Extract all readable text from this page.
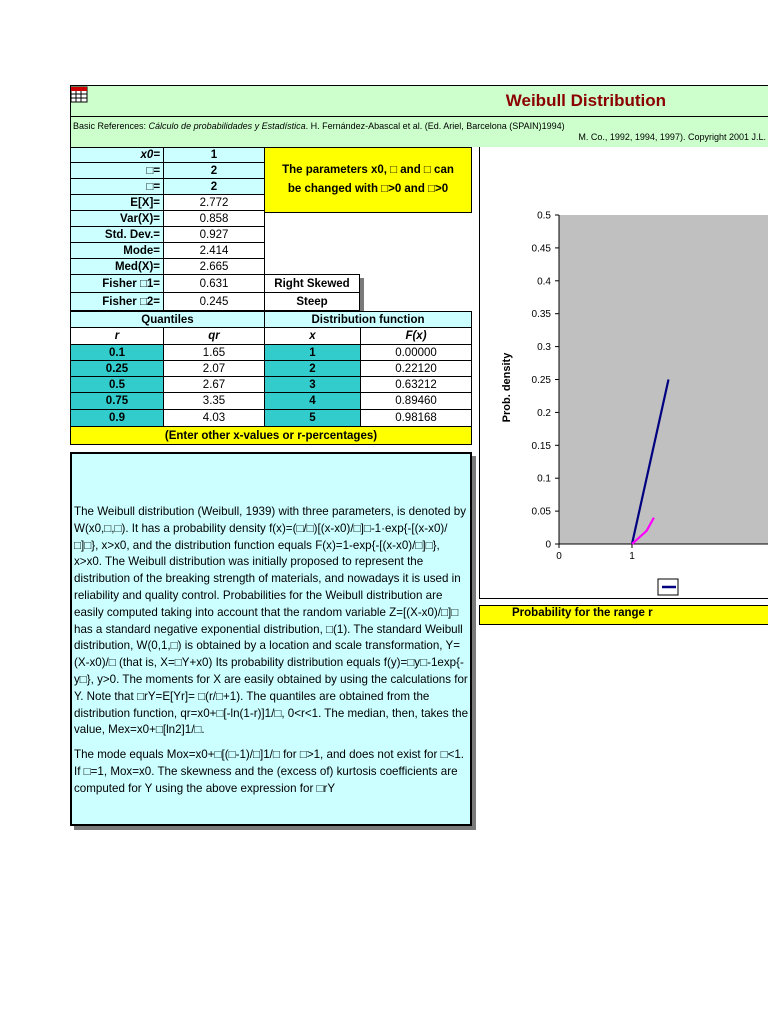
Weibull Distribution
Basic References: Cálculo de probabilidades y Estadística. H. Fernández-Abascal et al. (Ed. Ariel, Barcelona (SPAIN)1994)
M. Co., 1992, 1994, 1997). Copyright 2001 J.L.
x0=	1
□=	2
□=	2
The parameters x0, □ and □ can
be changed with □>0 and □>0
E[X]=	2.772
Var(X)=	0.858
Std. Dev.=	0.927
Mode=	2.414
Med(X)=	2.665
Fisher □1=	0.631	Right Skewed
Fisher □2=	0.245	Steep
Quantiles	Distribution function
r	qr	x	F(x)
0.1	1.65	1	0.00000
0.25	2.07	2	0.22120
0.5	2.67	3	0.63212
0.75	3.35	4	0.89460
0.9	4.03	5	0.98168
(Enter other x-values or r-percentages)

The Weibull distribution (Weibull, 1939) with three parameters, is denoted by W(x0,□,□). It has a probability density f(x)=(□/□)[(x-x0)/□]□-1·exp{-[(x-x0)/□]□}, x>x0, and the distribution function equals F(x)=1-exp{-[(x-x0)/□]□}, x>x0. The Weibull distribution was initially proposed to represent the distribution of the breaking strength of materials, and nowadays it is used in reliability and quality control. Probabilities for the Weibull distribution are easily computed taking into account that the random variable Z=[(X-x0)/□]□ has a standard negative exponential distribution, □(1). The standard Weibull distribution, W(0,1,□) is obtained by a location and scale transformation, Y=(X-x0)/□ (that is, X=□Y+x0) Its probability distribution equals f(y)=□y□-1exp{-y□}, y>0. The moments for X are easily obtained by using the calculations for Y. Note that □rY=E[Yr]= □(r/□+1). The quantiles are obtained from the distribution function, qr=x0+□[-ln(1-r)]1/□, 0<r<1. The median, then, takes the value, Mex=x0+□[ln2]1/□.

The mode equals Mox=x0+□[(□-1)/□]1/□ for □>1, and does not exist for □<1. If □=1, Mox=x0. The skewness and the (excess of) kurtosis coefficients are computed for Y using the above expression for □rY

0
0.05
0.1
0.15
0.2
0.25
0.3
0.35
0.4
0.45
0.5
0	1
Prob. density
Probability for the range r
